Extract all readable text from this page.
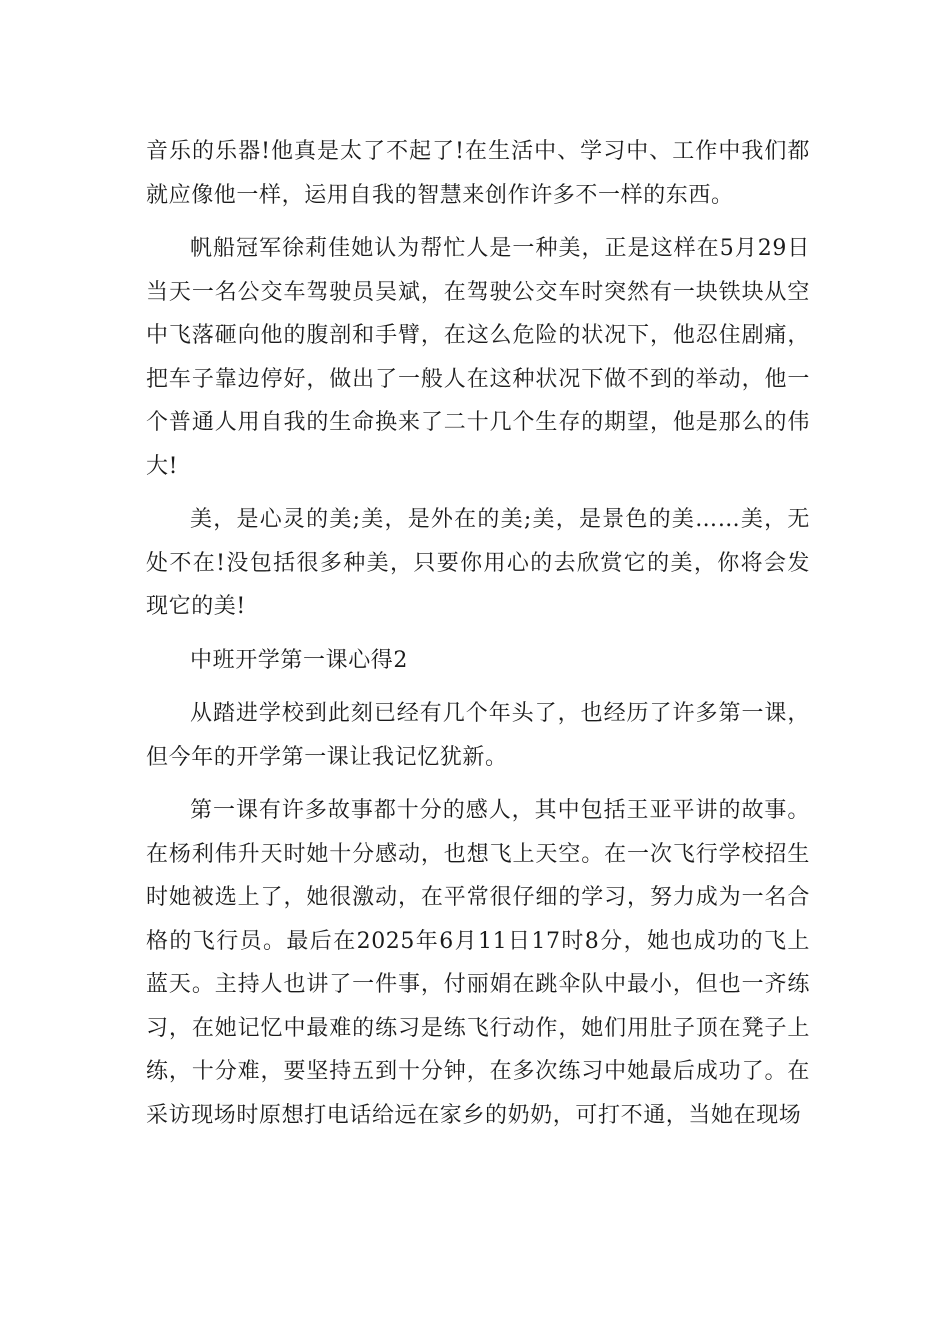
音乐的乐器!他真是太了不起了!在生活中、学习中、工作中我们都就应像他一样，运用自我的智慧来创作许多不一样的东西。

帆船冠军徐莉佳她认为帮忙人是一种美，正是这样在5月29日当天一名公交车驾驶员吴斌，在驾驶公交车时突然有一块铁块从空中飞落砸向他的腹剖和手臂，在这么危险的状况下，他忍住剧痛，把车子靠边停好，做出了一般人在这种状况下做不到的举动，他一个普通人用自我的生命换来了二十几个生存的期望，他是那么的伟大!

美，是心灵的美;美，是外在的美;美，是景色的美……美，无处不在!没包括很多种美，只要你用心的去欣赏它的美，你将会发现它的美!

中班开学第一课心得2

从踏进学校到此刻已经有几个年头了，也经历了许多第一课，但今年的开学第一课让我记忆犹新。

第一课有许多故事都十分的感人，其中包括王亚平讲的故事。在杨利伟升天时她十分感动，也想飞上天空。在一次飞行学校招生时她被选上了，她很激动，在平常很仔细的学习，努力成为一名合格的飞行员。最后在2025年6月11日17时8分，她也成功的飞上蓝天。主持人也讲了一件事，付丽娟在跳伞队中最小，但也一齐练习，在她记忆中最难的练习是练飞行动作，她们用肚子顶在凳子上练，十分难，要坚持五到十分钟，在多次练习中她最后成功了。在采访现场时原想打电话给远在家乡的奶奶，可打不通，当她在现场
